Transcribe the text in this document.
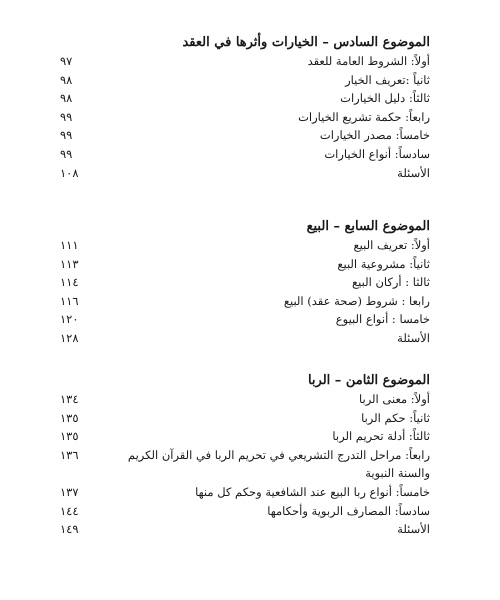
الموضوع السادس – الخيارات وأثرها في العقد
أولاً: الشروط العامة للعقد
٩٧
ثانياً :تعريف الخيار
٩٨
ثالثاً: دليل الخيارات
٩٨
رابعاً: حكمة تشريع الخيارات
٩٩
خامساً: مصدر الخيارات
٩٩
سادساً: أنواع الخيارات
٩٩
الأسئلة
١٠٨
الموضوع السابع – البيع
أولاً: تعريف البيع
١١١
ثانياً: مشروعية البيع
١١٣
ثالثا : أركان البيع
١١٤
رابعا : شروط (صحة عقد) البيع
١١٦
خامسا : أنواع البيوع
١٢٠
الأسئلة
١٢٨
الموضوع الثامن – الربا
أولاً: معنى الربا
١٣٤
ثانياً: حكم الربا
١٣٥
ثالثاً: أدلة تحريم الربا
١٣٥
رابعاً: مراحل التدرج التشريعي في تحريم الربا في القرآن الكريم والسنة النبوية
١٣٦
خامساً: أنواع ربا البيع عند الشافعية وحكم كل منها
١٣٧
سادساً: المصارف الربوية وأحكامها
١٤٤
الأسئلة
١٤٩
